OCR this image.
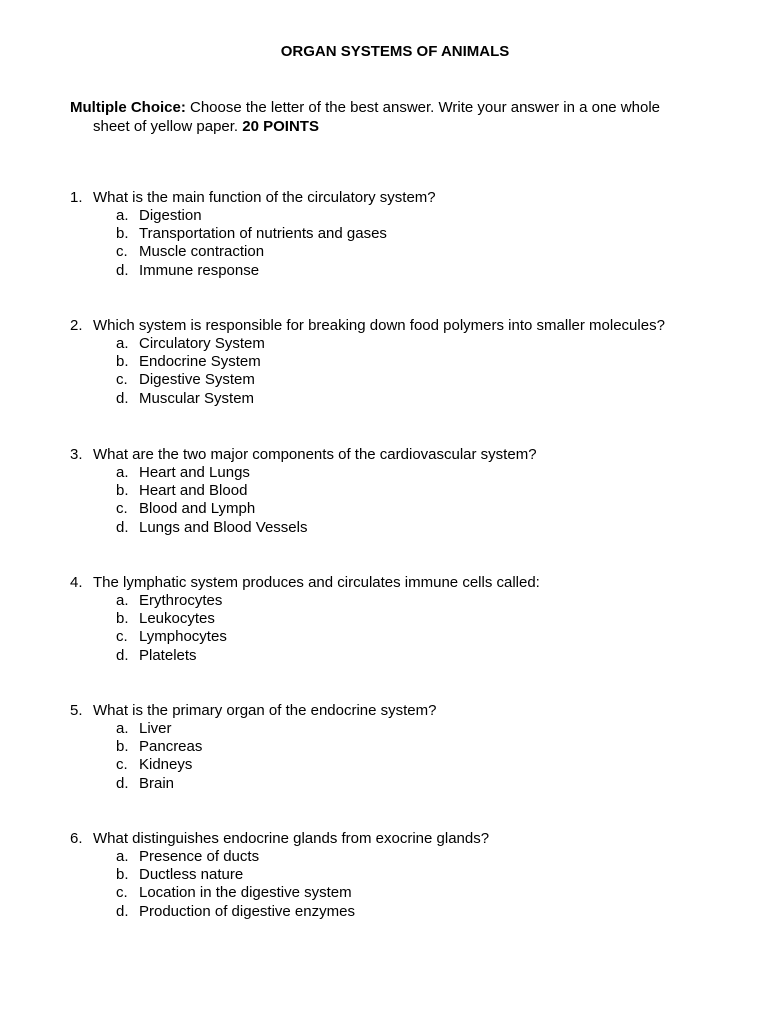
ORGAN SYSTEMS OF ANIMALS
Multiple Choice: Choose the letter of the best answer. Write your answer in a one whole
sheet of yellow paper. 20 POINTS
1. What is the main function of the circulatory system?
a. Digestion
b. Transportation of nutrients and gases
c. Muscle contraction
d. Immune response
2. Which system is responsible for breaking down food polymers into smaller molecules?
a. Circulatory System
b. Endocrine System
c. Digestive System
d. Muscular System
3. What are the two major components of the cardiovascular system?
a. Heart and Lungs
b. Heart and Blood
c. Blood and Lymph
d. Lungs and Blood Vessels
4. The lymphatic system produces and circulates immune cells called:
a. Erythrocytes
b. Leukocytes
c. Lymphocytes
d. Platelets
5. What is the primary organ of the endocrine system?
a. Liver
b. Pancreas
c. Kidneys
d. Brain
6. What distinguishes endocrine glands from exocrine glands?
a. Presence of ducts
b. Ductless nature
c. Location in the digestive system
d. Production of digestive enzymes
